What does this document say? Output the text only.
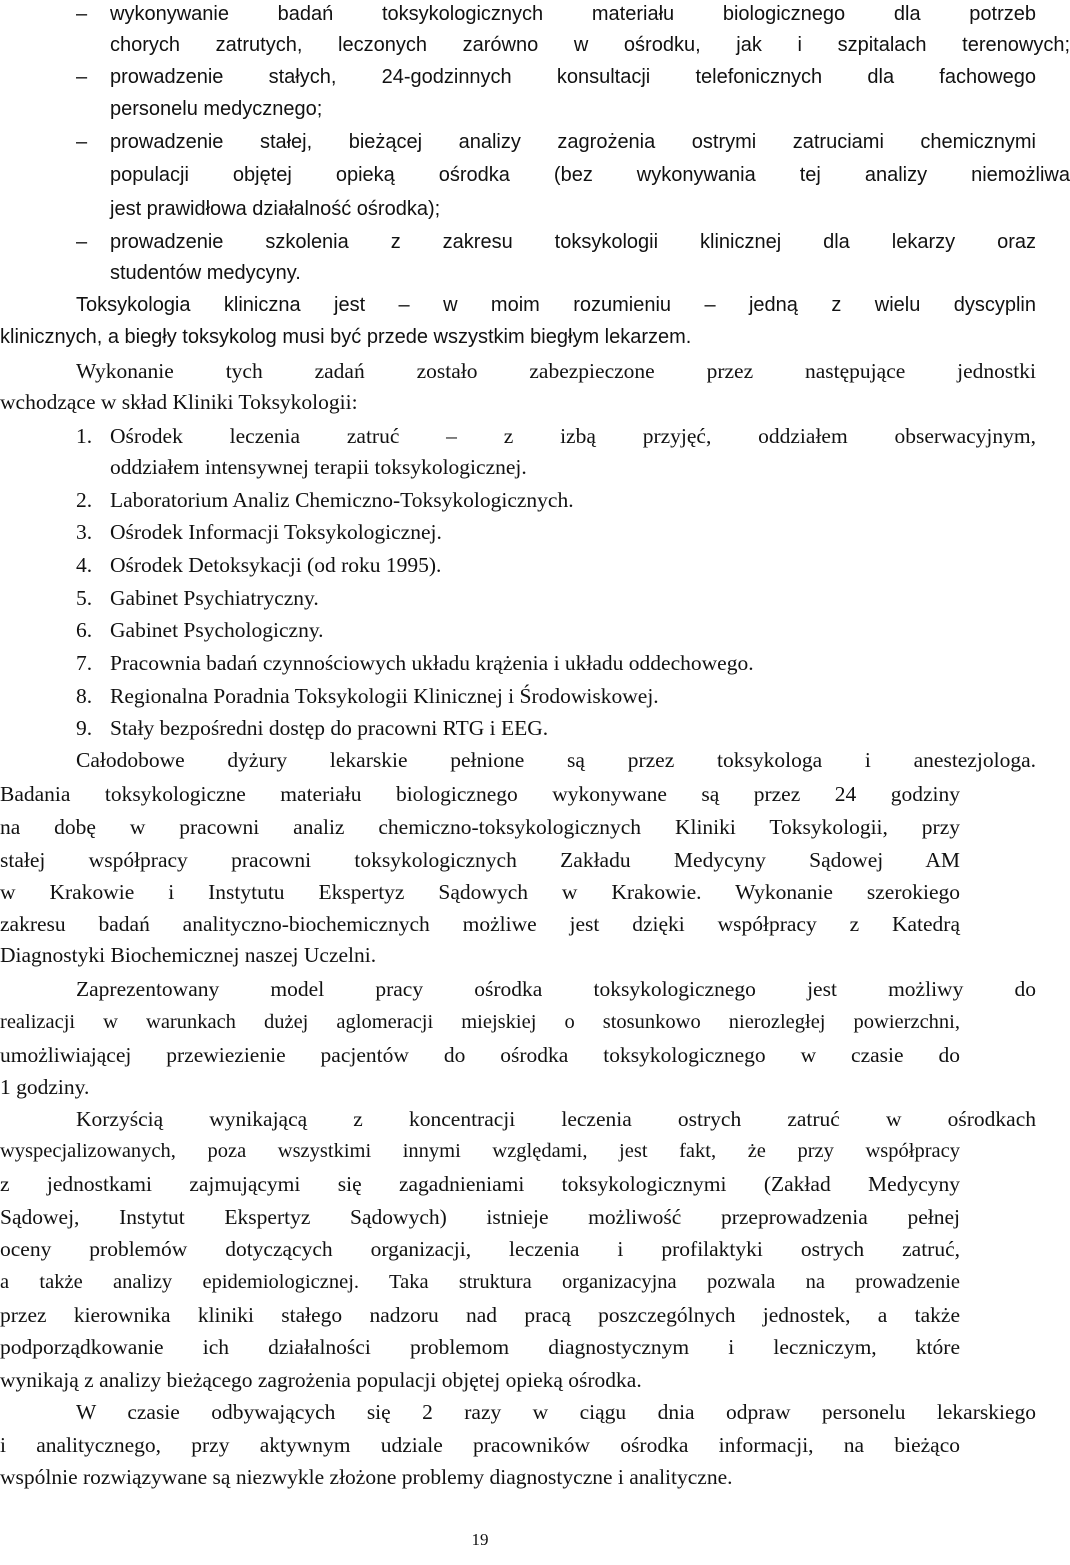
– wykonywanie badań toksykologicznych materiału biologicznego dla potrzeb
chorych zatrutych, leczonych zarówno w ośrodku, jak i szpitalach terenowych;
– prowadzenie stałych, 24-godzinnych konsultacji telefonicznych dla fachowego
personelu medycznego;
– prowadzenie stałej, bieżącej analizy zagrożenia ostrymi zatruciami chemicznymi
populacji objętej opieką ośrodka (bez wykonywania tej analizy niemożliwa
jest prawidłowa działalność ośrodka);
– prowadzenie szkolenia z zakresu toksykologii klinicznej dla lekarzy oraz
studentów medycyny.
Toksykologia kliniczna jest – w moim rozumieniu – jedną z wielu dyscyplin
klinicznych, a biegły toksykolog musi być przede wszystkim biegłym lekarzem.
Wykonanie tych zadań zostało zabezpieczone przez następujące jednostki
wchodzące w skład Kliniki Toksykologii:
1. Ośrodek leczenia zatruć – z izbą przyjęć, oddziałem obserwacyjnym,
oddziałem intensywnej terapii toksykologicznej.
2. Laboratorium Analiz Chemiczno-Toksykologicznych.
3. Ośrodek Informacji Toksykologicznej.
4. Ośrodek Detoksykacji (od roku 1995).
5. Gabinet Psychiatryczny.
6. Gabinet Psychologiczny.
7. Pracownia badań czynnościowych układu krążenia i układu oddechowego.
8. Regionalna Poradnia Toksykologii Klinicznej i Środowiskowej.
9. Stały bezpośredni dostęp do pracowni RTG i EEG.
Całodobowe dyżury lekarskie pełnione są przez toksykologa i anestezjologa.
Badania toksykologiczne materiału biologicznego wykonywane są przez 24 godziny
na dobę w pracowni analiz chemiczno-toksykologicznych Kliniki Toksykologii, przy
stałej współpracy pracowni toksykologicznych Zakładu Medycyny Sądowej AM
w Krakowie i Instytutu Ekspertyz Sądowych w Krakowie. Wykonanie szerokiego
zakresu badań analityczno-biochemicznych możliwe jest dzięki współpracy z Katedrą
Diagnostyki Biochemicznej naszej Uczelni.
Zaprezentowany model pracy ośrodka toksykologicznego jest możliwy do
realizacji w warunkach dużej aglomeracji miejskiej o stosunkowo nierozległej powierzchni,
umożliwiającej przewiezienie pacjentów do ośrodka toksykologicznego w czasie do
1 godziny.
Korzyścią wynikającą z koncentracji leczenia ostrych zatruć w ośrodkach
wyspecjalizowanych, poza wszystkimi innymi względami, jest fakt, że przy współpracy
z jednostkami zajmującymi się zagadnieniami toksykologicznymi (Zakład Medycyny
Sądowej, Instytut Ekspertyz Sądowych) istnieje możliwość przeprowadzenia pełnej
oceny problemów dotyczących organizacji, leczenia i profilaktyki ostrych zatruć,
a także analizy epidemiologicznej. Taka struktura organizacyjna pozwala na prowadzenie
przez kierownika kliniki stałego nadzoru nad pracą poszczególnych jednostek, a także
podporządkowanie ich działalności problemom diagnostycznym i leczniczym, które
wynikają z analizy bieżącego zagrożenia populacji objętej opieką ośrodka.
W czasie odbywających się 2 razy w ciągu dnia odpraw personelu lekarskiego
i analitycznego, przy aktywnym udziale pracowników ośrodka informacji, na bieżąco
wspólnie rozwiązywane są niezwykle złożone problemy diagnostyczne i analityczne.
19
